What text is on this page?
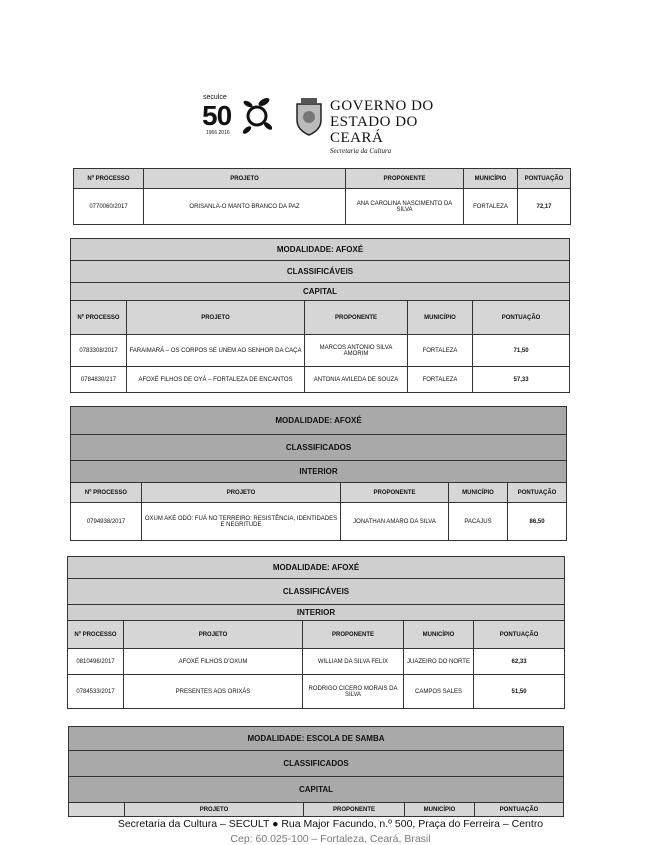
seculce
50
1966 2016
GOVERNO DO
ESTADO DO CEARÁ
Secretaria da Cultura
Nº PROCESSO	PROJETO	PROPONENTE	MUNICÍPIO	PONTUAÇÃO
0770060/2017	ORISANLA-O MANTO BRANCO DA PAZ	ANA CAROLINA NASCIMENTO DA SILVA	FORTALEZA	72,17
MODALIDADE: AFOXÉ				
CLASSIFICÁVEIS				
CAPITAL				
Nº PROCESSO	PROJETO	PROPONENTE	MUNICÍPIO	PONTUAÇÃO
0783308/2017	FARAIMARÁ – OS CORPOS SE UNEM AO SENHOR DA CAÇA	MARCOS ANTONIO SILVA AMORIM	FORTALEZA	71,50
0784830/217	AFOXÉ FILHOS DE OYÁ – FORTALEZA DE ENCANTOS	ANTONIA AVILEDA DE SOUZA	FORTALEZA	57,33
MODALIDADE: AFOXÉ				
CLASSIFICADOS				
INTERIOR				
Nº PROCESSO	PROJETO	PROPONENTE	MUNICÍPIO	PONTUAÇÃO
0794938/2017	OXUM AKÉ ODÓ: FUÁ NO TERREIRO: RESISTÊNCIA, IDENTIDADES E NEGRITUDE	JONATHAN AMARO DA SILVA	PACAJUS	86,50
MODALIDADE: AFOXÉ				
CLASSIFICÁVEIS				
INTERIOR				
Nº PROCESSO	PROJETO	PROPONENTE	MUNICÍPIO	PONTUAÇÃO
0810496/2017	AFOXÉ FILHOS D'OXUM	WILLIAM DA SILVA FELIX	JUAZEIRO DO NORTE	62,33
0784533/2017	PRESENTES AOS ORIXÁS	RODRIGO CICERO MORAIS DA SILVA	CAMPOS SALES	51,50
MODALIDADE: ESCOLA DE SAMBA
CLASSIFICADOS
CAPITAL
	PROJETO	PROPONENTE	MUNICÍPIO	PONTUAÇÃO
Secretaria da Cultura – SECULT ● Rua Major Facundo, n.º 500, Praça do Ferreira – Centro
Cep: 60.025-100 – Fortaleza, Ceará, Brasil
